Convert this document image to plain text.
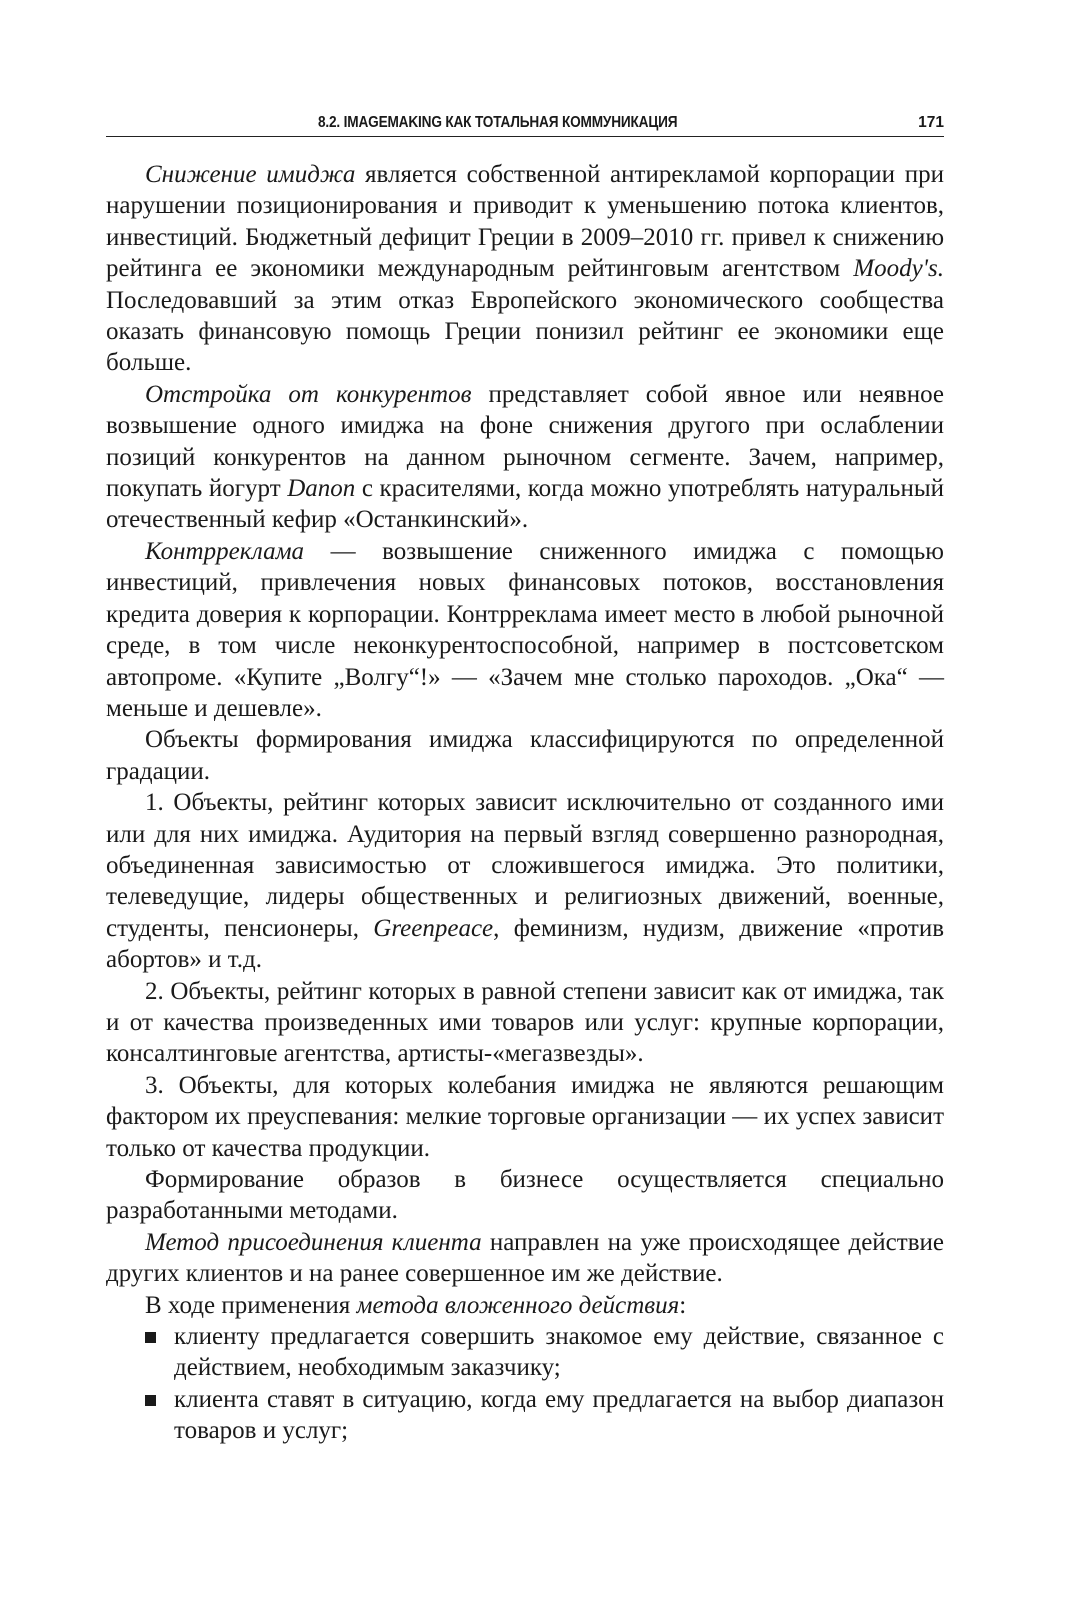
8.2. IMAGEMAKING КАК ТОТАЛЬНАЯ КОММУНИКАЦИЯ	171

Снижение имиджа является собственной антирекламой корпорации при нарушении позиционирования и приводит к уменьшению потока клиентов, инвестиций. Бюджетный дефицит Греции в 2009–2010 гг. привел к снижению рейтинга ее экономики международным рейтинговым агентством Moody's. Последовавший за этим отказ Европейского экономического сообщества оказать финансовую помощь Греции понизил рейтинг ее экономики еще больше.

Отстройка от конкурентов представляет собой явное или неявное возвышение одного имиджа на фоне снижения другого при ослаблении позиций конкурентов на данном рыночном сегменте. Зачем, например, покупать йогурт Danon с красителями, когда можно употреблять натуральный отечественный кефир «Останкинский».

Контрреклама — возвышение сниженного имиджа с помощью инвестиций, привлечения новых финансовых потоков, восстановления кредита доверия к корпорации. Контрреклама имеет место в любой рыночной среде, в том числе неконкурентоспособной, например в постсоветском автопроме. «Купите „Волгу“!» — «Зачем мне столько пароходов. „Ока“ — меньше и дешевле».

Объекты формирования имиджа классифицируются по определенной градации.

1. Объекты, рейтинг которых зависит исключительно от созданного ими или для них имиджа. Аудитория на первый взгляд совершенно разнородная, объединенная зависимостью от сложившегося имиджа. Это политики, телеведущие, лидеры общественных и религиозных движений, военные, студенты, пенсионеры, Greenpeace, феминизм, нудизм, движение «против абортов» и т.д.

2. Объекты, рейтинг которых в равной степени зависит как от имиджа, так и от качества произведенных ими товаров или услуг: крупные корпорации, консалтинговые агентства, артисты-«мегазвезды».

3. Объекты, для которых колебания имиджа не являются решающим фактором их преуспевания: мелкие торговые организации — их успех зависит только от качества продукции.

Формирование образов в бизнесе осуществляется специально разработанными методами.

Метод присоединения клиента направлен на уже происходящее действие других клиентов и на ранее совершенное им же действие.

В ходе применения метода вложенного действия:

клиенту предлагается совершить знакомое ему действие, связанное с действием, необходимым заказчику;
клиента ставят в ситуацию, когда ему предлагается на выбор диапазон товаров и услуг;
